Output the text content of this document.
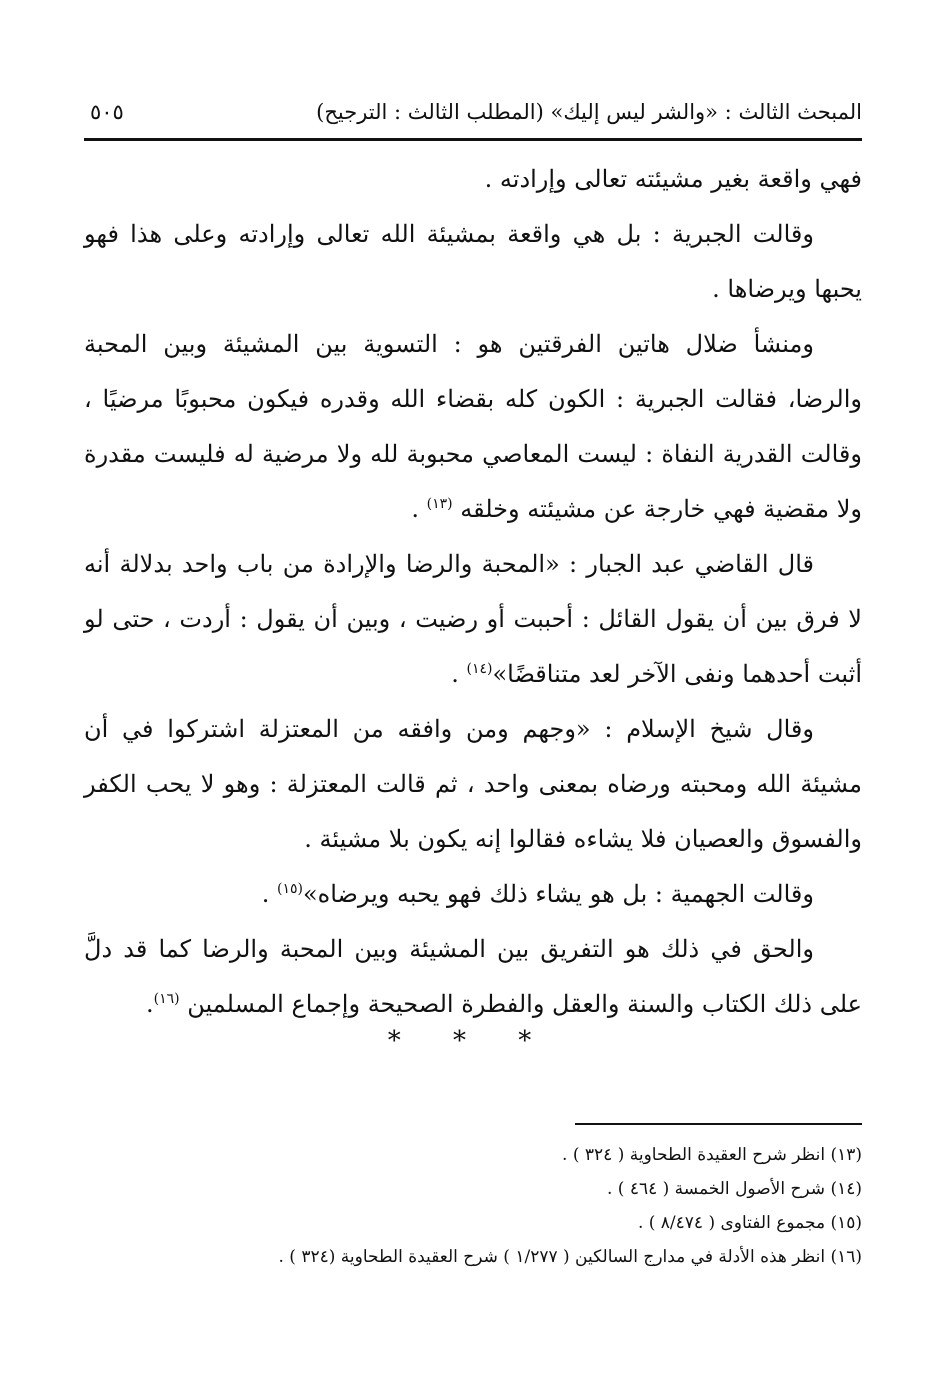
المبحث الثالث : «والشر ليس إليك» (المطلب الثالث : الترجيح)
٥٠٥

فهي واقعة بغير مشيئته تعالى وإرادته .

وقالت الجبرية : بل هي واقعة بمشيئة الله تعالى وإرادته وعلى هذا فهو يحبها ويرضاها .

ومنشأ ضلال هاتين الفرقتين هو : التسوية بين المشيئة وبين المحبة والرضا، فقالت الجبرية : الكون كله بقضاء الله وقدره فيكون محبوبًا مرضيًا ، وقالت القدرية النفاة : ليست المعاصي محبوبة لله ولا مرضية له فليست مقدرة ولا مقضية فهي خارجة عن مشيئته وخلقه $^{(١٣)}$ .

قال القاضي عبد الجبار : «المحبة والرضا والإرادة من باب واحد بدلالة أنه لا فرق بين أن يقول القائل : أحببت أو رضيت ، وبين أن يقول : أردت ، حتى لو أثبت أحدهما ونفى الآخر لعد متناقضًا»$^{(١٤)}$ .

وقال شيخ الإسلام : «وجهم ومن وافقه من المعتزلة اشتركوا في أن مشيئة الله ومحبته ورضاه بمعنى واحد ، ثم قالت المعتزلة : وهو لا يحب الكفر والفسوق والعصيان فلا يشاءه فقالوا إنه يكون بلا مشيئة .

وقالت الجهمية : بل هو يشاء ذلك فهو يحبه ويرضاه»$^{(١٥)}$ .

والحق في ذلك هو التفريق بين المشيئة وبين المحبة والرضا كما قد دلَّ على ذلك الكتاب والسنة والعقل والفطرة الصحيحة وإجماع المسلمين $^{(١٦)}$.

* * *

(١٣) انظر شرح العقيدة الطحاوية ( ٣٢٤ ) .

(١٤) شرح الأصول الخمسة ( ٤٦٤ ) .

(١٥) مجموع الفتاوى ( ٨/٤٧٤ ) .

(١٦) انظر هذه الأدلة في مدارج السالكين ( ١/٢٧٧ ) شرح العقيدة الطحاوية (٣٢٤ ) .
